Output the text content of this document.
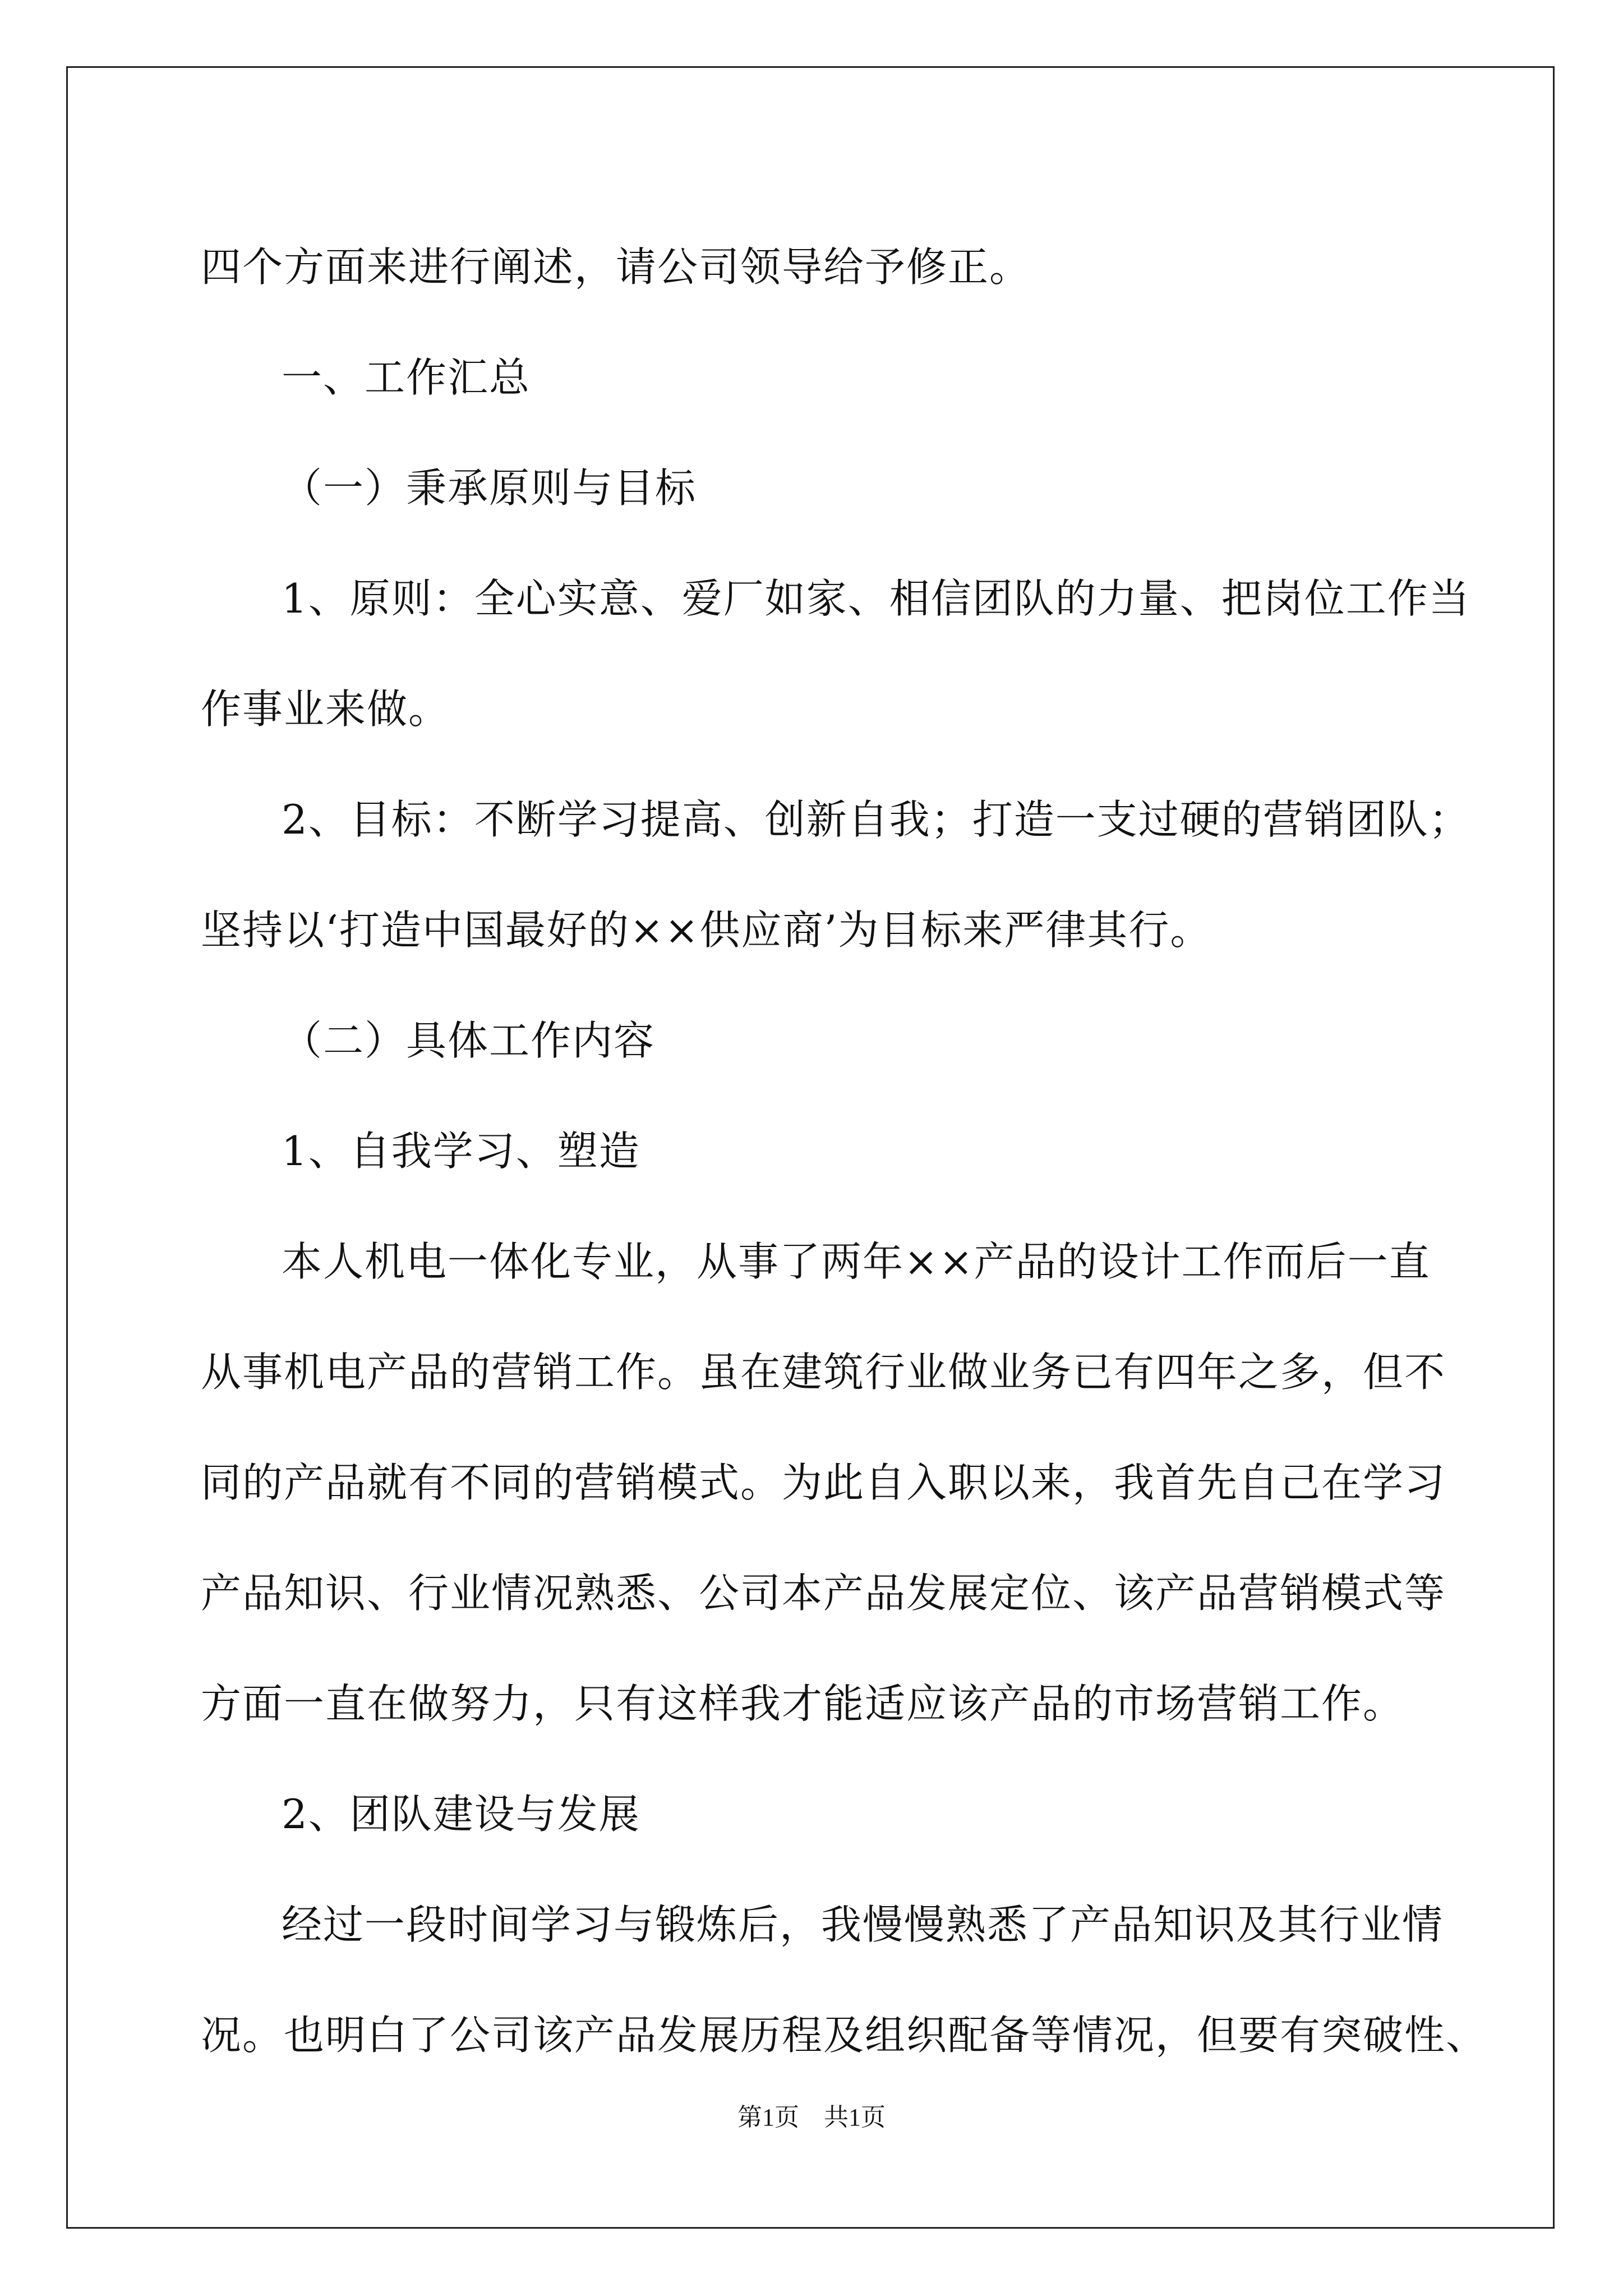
四个方面来进行阐述，请公司领导给予修正。

一、工作汇总

（一）秉承原则与目标

1、原则：全心实意、爱厂如家、相信团队的力量、把岗位工作当

作事业来做。

2、目标：不断学习提高、创新自我；打造一支过硬的营销团队；

坚持以‘打造中国最好的××供应商’为目标来严律其行。

（二）具体工作内容

1、自我学习、塑造

本人机电一体化专业，从事了两年××产品的设计工作而后一直

从事机电产品的营销工作。虽在建筑行业做业务已有四年之多，但不

同的产品就有不同的营销模式。为此自入职以来，我首先自己在学习

产品知识、行业情况熟悉、公司本产品发展定位、该产品营销模式等

方面一直在做努力，只有这样我才能适应该产品的市场营销工作。

2、团队建设与发展

经过一段时间学习与锻炼后，我慢慢熟悉了产品知识及其行业情

况。也明白了公司该产品发展历程及组织配备等情况，但要有突破性、

第1页 共1页
